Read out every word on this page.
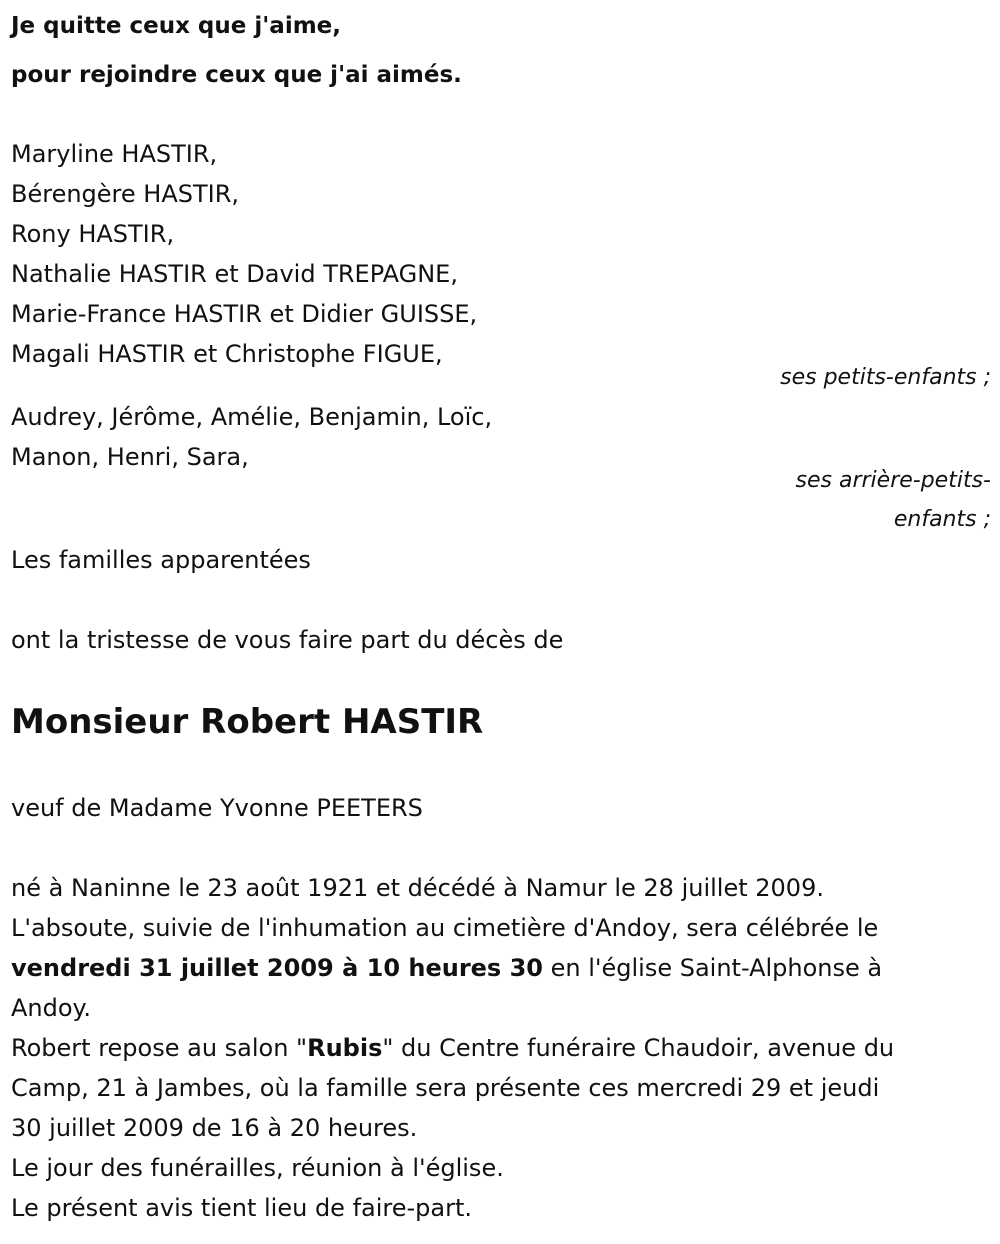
Je quitte ceux que j'aime,
pour rejoindre ceux que j'ai aimés.
Maryline HASTIR,
Bérengère HASTIR,
Rony HASTIR,
Nathalie HASTIR et David TREPAGNE,
Marie-France HASTIR et Didier GUISSE,
Magali HASTIR et Christophe FIGUE,
ses petits-enfants ;
Audrey, Jérôme, Amélie, Benjamin, Loïc,
Manon, Henri, Sara,
ses arrière-petits-
enfants ;
Les familles apparentées
ont la tristesse de vous faire part du décès de
Monsieur Robert HASTIR
veuf de Madame Yvonne PEETERS
né à Naninne le 23 août 1921 et décédé à Namur le 28 juillet 2009.
L'absoute, suivie de l'inhumation au cimetière d'Andoy, sera célébrée le
vendredi 31 juillet 2009 à 10 heures 30 en l'église Saint-Alphonse à
Andoy.
Robert repose au salon "Rubis" du Centre funéraire Chaudoir, avenue du
Camp, 21 à Jambes, où la famille sera présente ces mercredi 29 et jeudi
30 juillet 2009 de 16 à 20 heures.
Le jour des funérailles, réunion à l'église.
Le présent avis tient lieu de faire-part.
